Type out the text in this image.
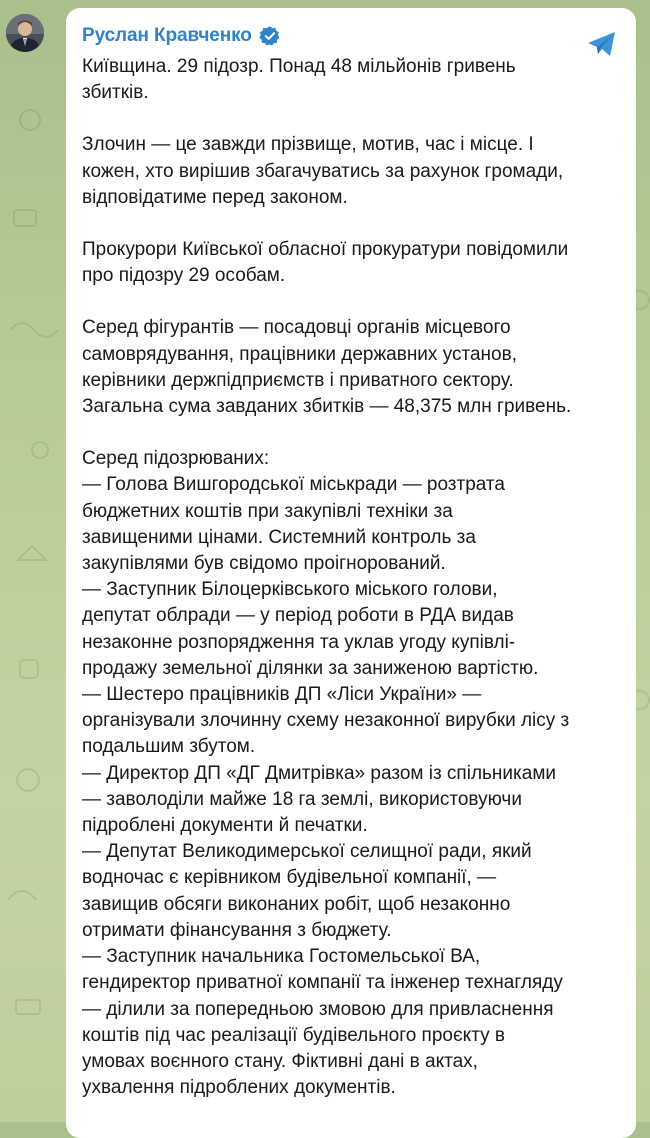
Руслан Кравченко
Київщина. 29 підозр. Понад 48 мільйонів гривень
збитків.
Злочин — це завжди прізвище, мотив, час і місце. І
кожен, хто вирішив збагачуватись за рахунок громади,
відповідатиме перед законом.
Прокурори Київської обласної прокуратури повідомили
про підозру 29 особам.
Серед фігурантів — посадовці органів місцевого
самоврядування, працівники державних установ,
керівники держпідприємств і приватного сектору.
Загальна сума завданих збитків — 48,375 млн гривень.
Серед підозрюваних:
— Голова Вишгородської міськради — розтрата
бюджетних коштів при закупівлі техніки за
завищеними цінами. Системний контроль за
закупівлями був свідомо проігнорований.
— Заступник Білоцерківського міського голови,
депутат облради — у період роботи в РДА видав
незаконне розпорядження та уклав угоду купівлі-
продажу земельної ділянки за заниженою вартістю.
— Шестеро працівників ДП «Ліси України» —
організували злочинну схему незаконної вирубки лісу з
подальшим збутом.
— Директор ДП «ДГ Дмитрівка» разом із спільниками
— заволоділи майже 18 га землі, використовуючи
підроблені документи й печатки.
— Депутат Великодимерської селищної ради, який
водночас є керівником будівельної компанії, —
завищив обсяги виконаних робіт, щоб незаконно
отримати фінансування з бюджету.
— Заступник начальника Гостомельської ВА,
гендиректор приватної компанії та інженер технагляду
— ділили за попередньою змовою для привласнення
коштів під час реалізації будівельного проєкту в
умовах воєнного стану. Фіктивні дані в актах,
ухвалення підроблених документів.
